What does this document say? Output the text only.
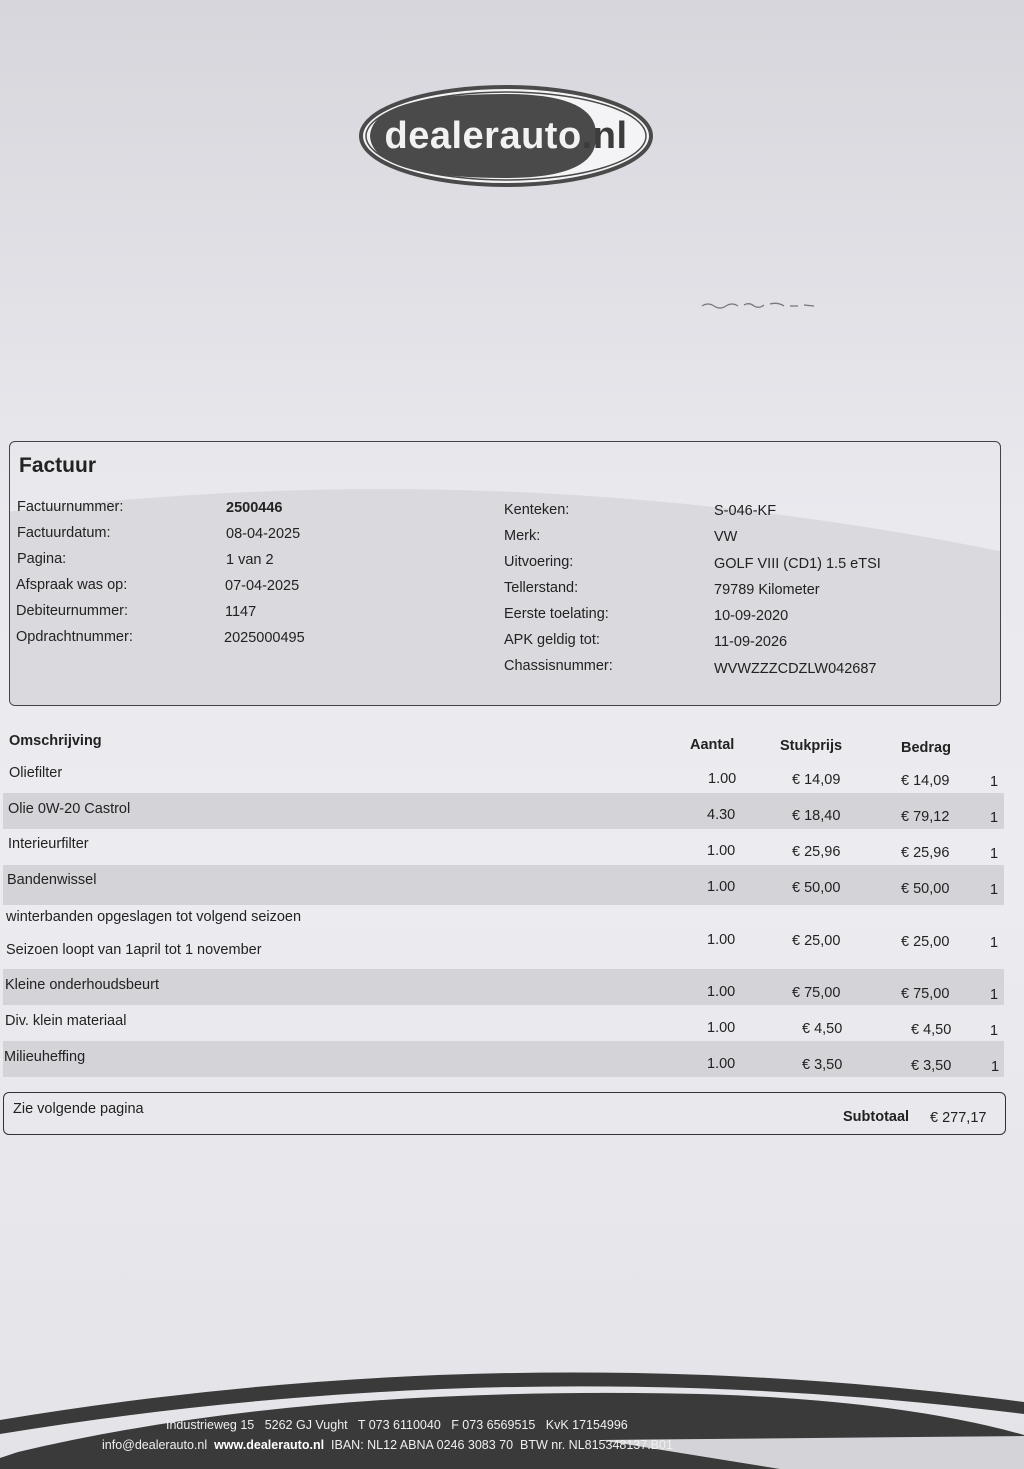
dealerauto .nl
Factuur
Factuurnummer:	2500446
Factuurdatum:	08-04-2025
Pagina:	1 van 2
Afspraak was op:	07-04-2025
Debiteurnummer:	1147
Opdrachtnummer:	2025000495
Kenteken:	S-046-KF
Merk:	VW
Uitvoering:	GOLF VIII (CD1) 1.5 eTSI
Tellerstand:	79789 Kilometer
Eerste toelating:	10-09-2020
APK geldig tot:	11-09-2026
Chassisnummer:	WVWZZZCDZLW042687
Omschrijving	Aantal	Stukprijs	Bedrag
Oliefilter	1.00	€ 14,09	€ 14,09	1
Olie 0W-20 Castrol	4.30	€ 18,40	€ 79,12	1
Interieurfilter	1.00	€ 25,96	€ 25,96	1
Bandenwissel	1.00	€ 50,00	€ 50,00	1
winterbanden opgeslagen tot volgend seizoen
Seizoen loopt van 1april tot 1 november
1.00	€ 25,00	€ 25,00	1
Kleine onderhoudsbeurt	1.00	€ 75,00	€ 75,00	1
Div. klein materiaal	1.00	€ 4,50	€ 4,50	1
Milieuheffing	1.00	€ 3,50	€ 3,50	1
Zie volgende pagina	Subtotaal € 277,17
Industrieweg 15 5262 GJ Vught T 073 6110040 F 073 6569515 KvK 17154996
info@dealerauto.nl www.dealerauto.nl IBAN: NL12 ABNA 0246 3083 70 BTW nr. NL815348137.B01
